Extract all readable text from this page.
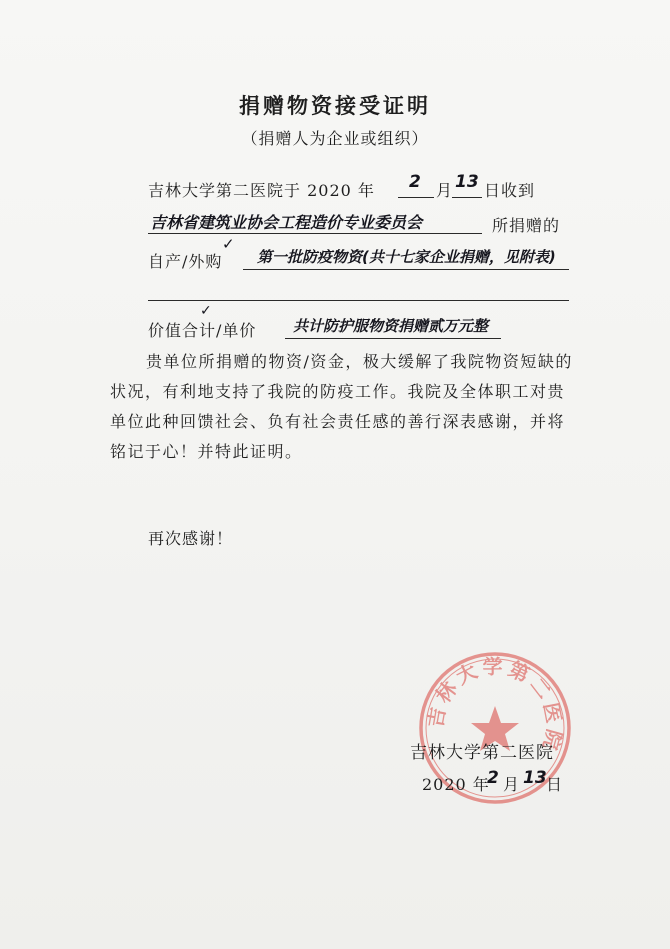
捐赠物资接受证明
（捐赠人为企业或组织）
吉林大学第二医院于 2020 年 2 月 13 日收到
吉林省建筑业协会工程造价专业委员会	所捐赠的
自产/外购
✓
第一批防疫物资(共十七家企业捐赠，见附表)
价值合计/单价
✓
共计防护服物资捐赠贰万元整
贵单位所捐赠的物资/资金，极大缓解了我院物资短缺的状况，有利地支持了我院的防疫工作。我院及全体职工对贵单位此种回馈社会、负有社会责任感的善行深表感谢，并将铭记于心！并特此证明。
再次感谢！
吉林大学第二医院
吉林大学第二医院
2020 年
2 月 13 日
